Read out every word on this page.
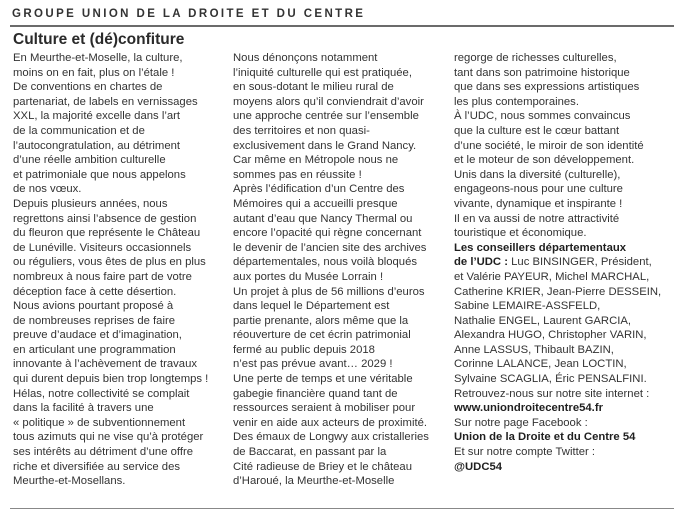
GROUPE UNION DE LA DROITE ET DU CENTRE
Culture et (dé)confiture
En Meurthe-et-Moselle, la culture,
moins on en fait, plus on l’étale !
De conventions en chartes de
partenariat, de labels en vernissages
XXL, la majorité excelle dans l’art
de la communication et de
l’autocongratulation, au détriment
d’une réelle ambition culturelle
et patrimoniale que nous appelons
de nos vœux.
Depuis plusieurs années, nous
regrettons ainsi l’absence de gestion
du fleuron que représente le Château
de Lunéville. Visiteurs occasionnels
ou réguliers, vous êtes de plus en plus
nombreux à nous faire part de votre
déception face à cette désertion.
Nous avions pourtant proposé à
de nombreuses reprises de faire
preuve d’audace et d’imagination,
en articulant une programmation
innovante à l’achèvement de travaux
qui durent depuis bien trop longtemps !
Hélas, notre collectivité se complait
dans la facilité à travers une
« politique » de subventionnement
tous azimuts qui ne vise qu’à protéger
ses intérêts au détriment d’une offre
riche et diversifiée au service des
Meurthe-et-Mosellans.
Nous dénonçons notamment
l’iniquité culturelle qui est pratiquée,
en sous-dotant le milieu rural de
moyens alors qu’il conviendrait d’avoir
une approche centrée sur l’ensemble
des territoires et non quasi-
exclusivement dans le Grand Nancy.
Car même en Métropole nous ne
sommes pas en réussite !
Après l’édification d’un Centre des
Mémoires qui a accueilli presque
autant d’eau que Nancy Thermal ou
encore l’opacité qui règne concernant
le devenir de l’ancien site des archives
départementales, nous voilà bloqués
aux portes du Musée Lorrain !
Un projet à plus de 56 millions d’euros
dans lequel le Département est
partie prenante, alors même que la
réouverture de cet écrin patrimonial
fermé au public depuis 2018
n’est pas prévue avant… 2029 !
Une perte de temps et une véritable
gabegie financière quand tant de
ressources seraient à mobiliser pour
venir en aide aux acteurs de proximité.
Des émaux de Longwy aux cristalleries
de Baccarat, en passant par la
Cité radieuse de Briey et le château
d’Haroué, la Meurthe-et-Moselle
regorge de richesses culturelles,
tant dans son patrimoine historique
que dans ses expressions artistiques
les plus contemporaines.
À l’UDC, nous sommes convaincus
que la culture est le cœur battant
d’une société, le miroir de son identité
et le moteur de son développement.
Unis dans la diversité (culturelle),
engageons-nous pour une culture
vivante, dynamique et inspirante !
Il en va aussi de notre attractivité
touristique et économique.
Les conseillers départementaux
de l’UDC : Luc BINSINGER, Président,
et Valérie PAYEUR, Michel MARCHAL,
Catherine KRIER, Jean-Pierre DESSEIN,
Sabine LEMAIRE-ASSFELD,
Nathalie ENGEL, Laurent GARCIA,
Alexandra HUGO, Christopher VARIN,
Anne LASSUS, Thibault BAZIN,
Corinne LALANCE, Jean LOCTIN,
Sylvaine SCAGLIA, Éric PENSALFINI.
Retrouvez-nous sur notre site internet :
www.uniondroitecentre54.fr
Sur notre page Facebook :
Union de la Droite et du Centre 54
Et sur notre compte Twitter :
@UDC54
